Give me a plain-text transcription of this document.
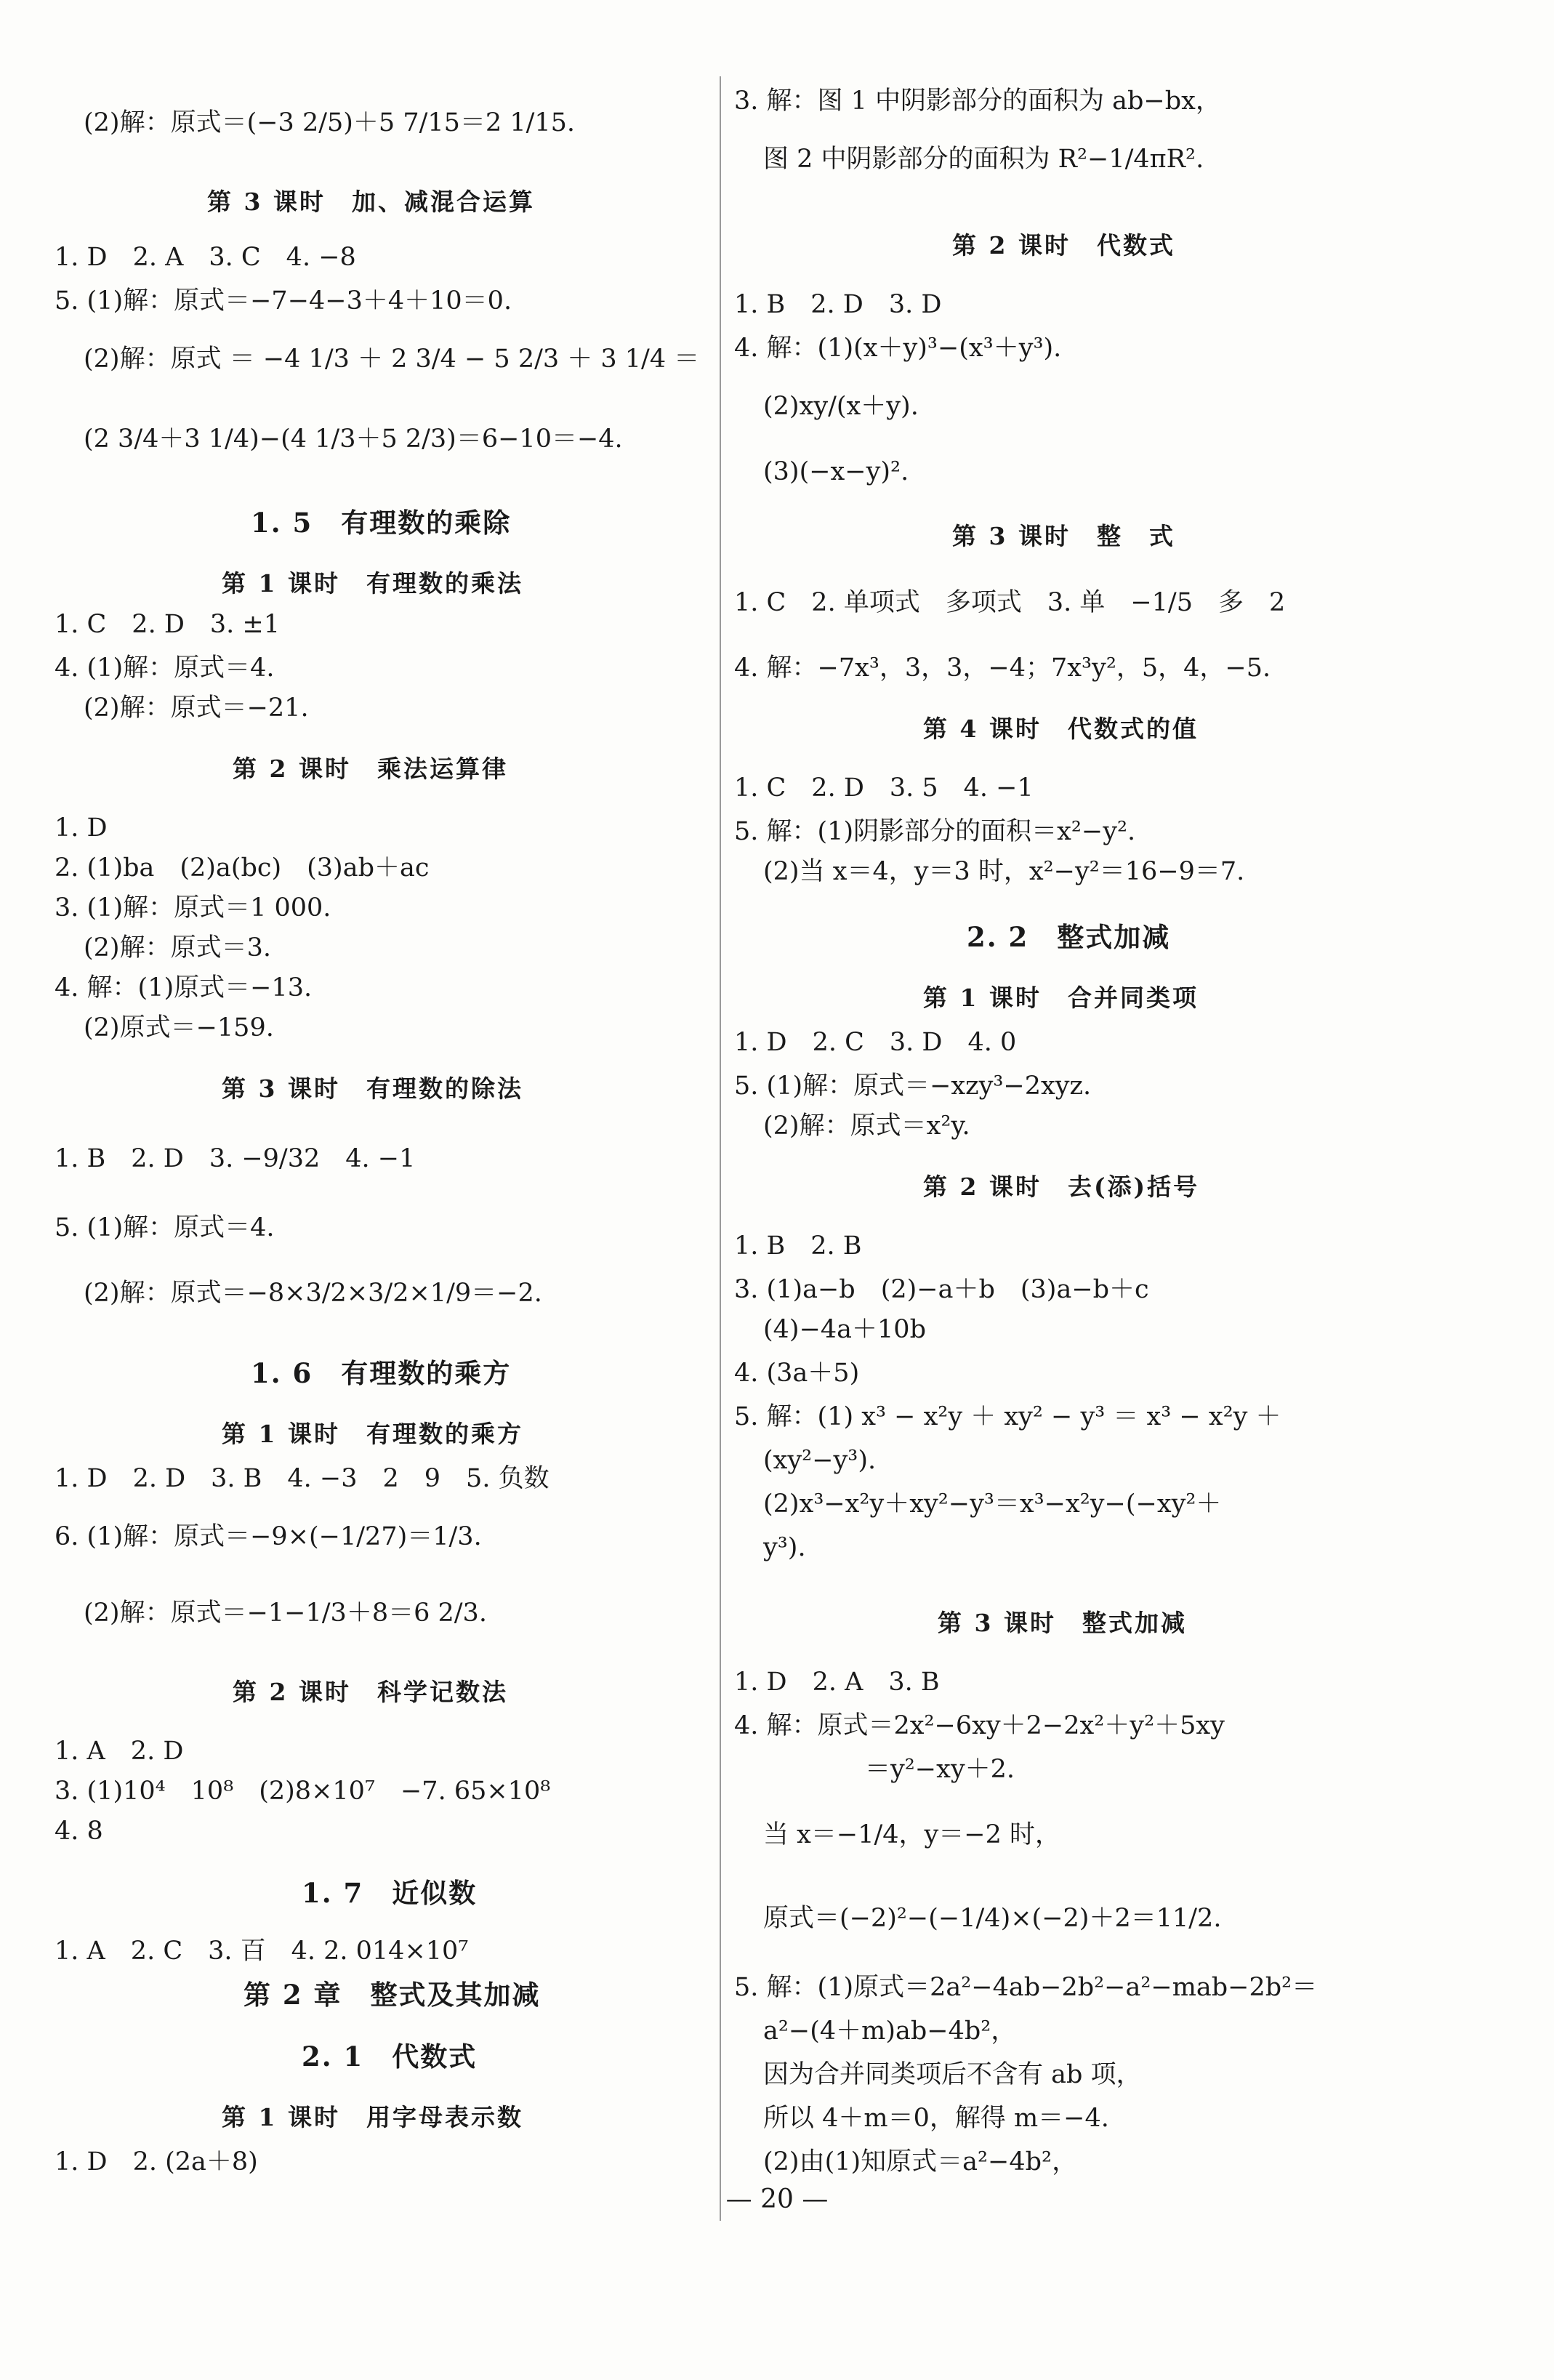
(2)解：原式＝(−3 2/5)＋5 7/15＝2 1/15.
第 3 课时　加、减混合运算
1. D　2. A　3. C　4. −8
5. (1)解：原式＝−7−4−3＋4＋10＝0.
(2)解：原式 ＝ −4 1/3 ＋ 2 3/4 − 5 2/3 ＋ 3 1/4 ＝
(2 3/4＋3 1/4)−(4 1/3＋5 2/3)＝6−10＝−4.
1. 5　有理数的乘除
第 1 课时　有理数的乘法
1. C　2. D　3. ±1
4. (1)解：原式＝4.
(2)解：原式＝−21.
第 2 课时　乘法运算律
1. D
2. (1)ba　(2)a(bc)　(3)ab＋ac
3. (1)解：原式＝1 000.
(2)解：原式＝3.
4. 解：(1)原式＝−13.
(2)原式＝−159.
第 3 课时　有理数的除法
1. B　2. D　3. −9/32　4. −1
5. (1)解：原式＝4.
(2)解：原式＝−8×3/2×3/2×1/9＝−2.
1. 6　有理数的乘方
第 1 课时　有理数的乘方
1. D　2. D　3. B　4. −3　2　9　5. 负数
6. (1)解：原式＝−9×(−1/27)＝1/3.
(2)解：原式＝−1−1/3＋8＝6 2/3.
第 2 课时　科学记数法
1. A　2. D
3. (1)10⁴　10⁸　(2)8×10⁷　−7. 65×10⁸
4. 8
1. 7　近似数
1. A　2. C　3. 百　4. 2. 014×10⁷
第 2 章　整式及其加减
2. 1　代数式
第 1 课时　用字母表示数
1. D　2. (2a＋8)
3. 解：图 1 中阴影部分的面积为 ab−bx，
图 2 中阴影部分的面积为 R²−1/4πR².
第 2 课时　代数式
1. B　2. D　3. D
4. 解：(1)(x＋y)³−(x³＋y³).
(2)xy/(x＋y).
(3)(−x−y)².
第 3 课时　整　式
1. C　2. 单项式　多项式　3. 单　−1/5　多　2
4. 解：−7x³，3，3，−4；7x³y²，5，4，−5.
第 4 课时　代数式的值
1. C　2. D　3. 5　4. −1
5. 解：(1)阴影部分的面积＝x²−y².
(2)当 x＝4，y＝3 时，x²−y²＝16−9＝7.
2. 2　整式加减
第 1 课时　合并同类项
1. D　2. C　3. D　4. 0
5. (1)解：原式＝−xzy³−2xyz.
(2)解：原式＝x²y.
第 2 课时　去(添)括号
1. B　2. B
3. (1)a−b　(2)−a＋b　(3)a−b＋c
(4)−4a＋10b
4. (3a＋5)
5. 解：(1) x³ − x²y ＋ xy² − y³ ＝ x³ − x²y ＋
(xy²−y³).
(2)x³−x²y＋xy²−y³＝x³−x²y−(−xy²＋
y³).
第 3 课时　整式加减
1. D　2. A　3. B
4. 解：原式＝2x²−6xy＋2−2x²＋y²＋5xy
＝y²−xy＋2.
当 x＝−1/4，y＝−2 时，
原式＝(−2)²−(−1/4)×(−2)＋2＝11/2.
5. 解：(1)原式＝2a²−4ab−2b²−a²−mab−2b²＝
a²−(4＋m)ab−4b²，
因为合并同类项后不含有 ab 项，
所以 4＋m＝0，解得 m＝−4.
(2)由(1)知原式＝a²−4b²，
— 20 —
